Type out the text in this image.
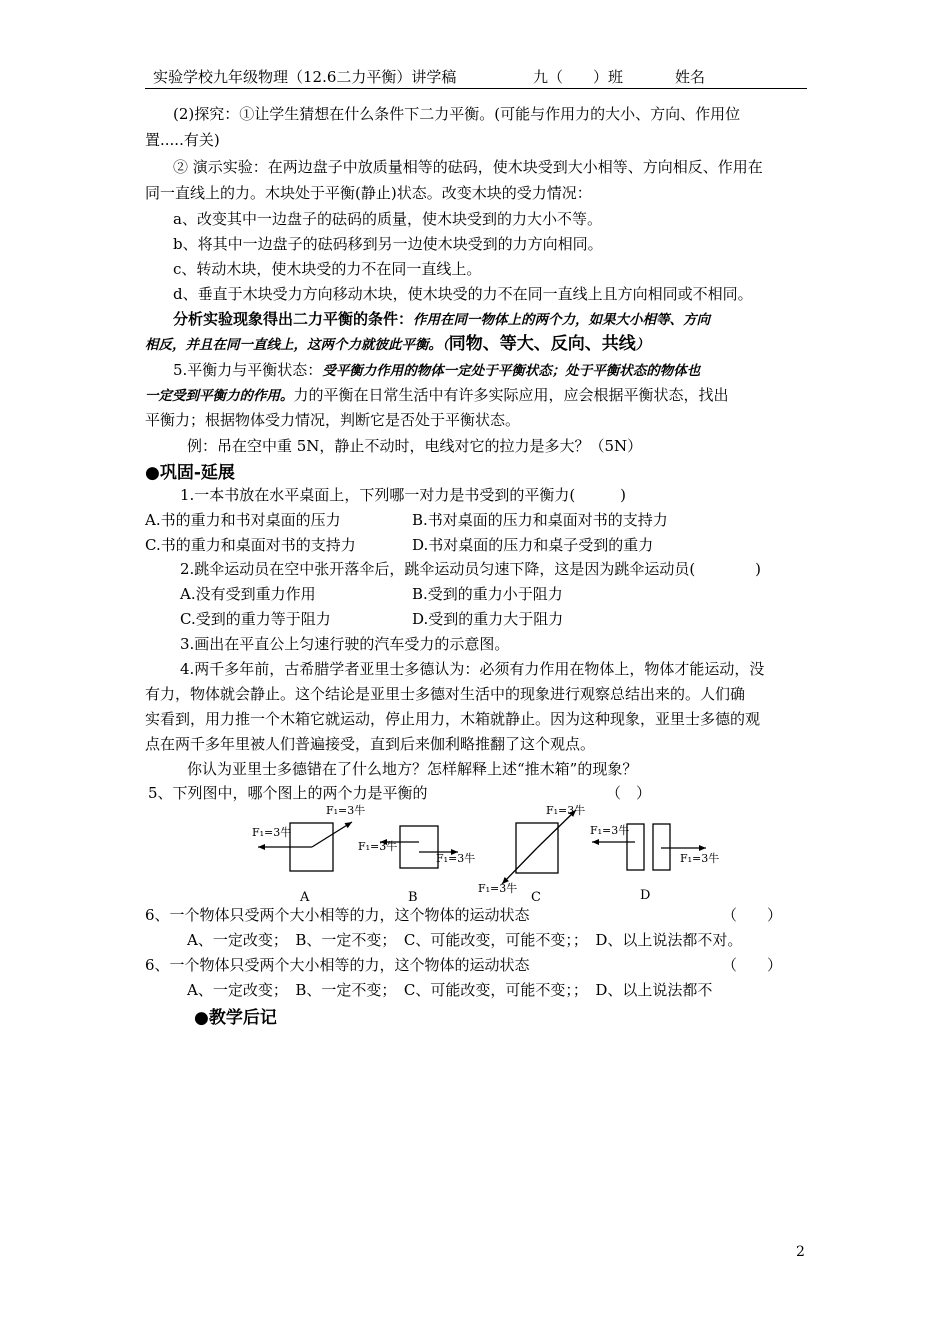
实验学校九年级物理（12.6二力平衡）讲学稿	九（　　）班	姓名
(2)探究：①让学生猜想在什么条件下二力平衡。(可能与作用力的大小、方向、作用位
置.....有关)
② 演示实验：在两边盘子中放质量相等的砝码，使木块受到大小相等、方向相反、作用在
同一直线上的力。木块处于平衡(静止)状态。改变木块的受力情况：
a、改变其中一边盘子的砝码的质量，使木块受到的力大小不等。
b、将其中一边盘子的砝码移到另一边使木块受到的力方向相同。
c、转动木块，使木块受的力不在同一直线上。
d、垂直于木块受力方向移动木块，使木块受的力不在同一直线上且方向相同或不相同。
分析实验现象得出二力平衡的条件：作用在同一物体上的两个力，如果大小相等、方向
相反，并且在同一直线上，这两个力就彼此平衡。（同物、等大、反向、共线）
5.平衡力与平衡状态：受平衡力作用的物体一定处于平衡状态；处于平衡状态的物体也
一定受到平衡力的作用。力的平衡在日常生活中有许多实际应用，应会根据平衡状态，找出
平衡力；根据物体受力情况，判断它是否处于平衡状态。
例：吊在空中重 5N，静止不动时，电线对它的拉力是多大？（5N）
●巩固-延展
1.一本书放在水平桌面上，下列哪一对力是书受到的平衡力(　　　)
A.书的重力和书对桌面的压力	B.书对桌面的压力和桌面对书的支持力
C.书的重力和桌面对书的支持力	D.书对桌面的压力和桌子受到的重力
2.跳伞运动员在空中张开落伞后，跳伞运动员匀速下降，这是因为跳伞运动员(　　　　)
A.没有受到重力作用	B.受到的重力小于阻力
C.受到的重力等于阻力	D.受到的重力大于阻力
3.画出在平直公上匀速行驶的汽车受力的示意图。
4.两千多年前，古希腊学者亚里士多德认为：必须有力作用在物体上，物体才能运动，没
有力，物体就会静止。这个结论是亚里士多德对生活中的现象进行观察总结出来的。人们确
实看到，用力推一个木箱它就运动，停止用力，木箱就静止。因为这种现象，亚里士多德的观
点在两千多年里被人们普遍接受，直到后来伽利略推翻了这个观点。
你认为亚里士多德错在了什么地方？怎样解释上述“推木箱”的现象？
5、下列图中，哪个图上的两个力是平衡的	（　）
F₁=3牛
F₁=3牛
A
F₁=3牛
F₁=3牛
B
F₁=3牛
F₁=3牛
C
F₁=3牛
F₁=3牛
D
6、一个物体只受两个大小相等的力，这个物体的运动状态	（　　）
A、一定改变；　B、一定不变；　C、可能改变，可能不变；；　D、以上说法都不对。
6、一个物体只受两个大小相等的力，这个物体的运动状态	（　　）
A、一定改变；　B、一定不变；　C、可能改变，可能不变；；　D、以上说法都不
●教学后记
2
